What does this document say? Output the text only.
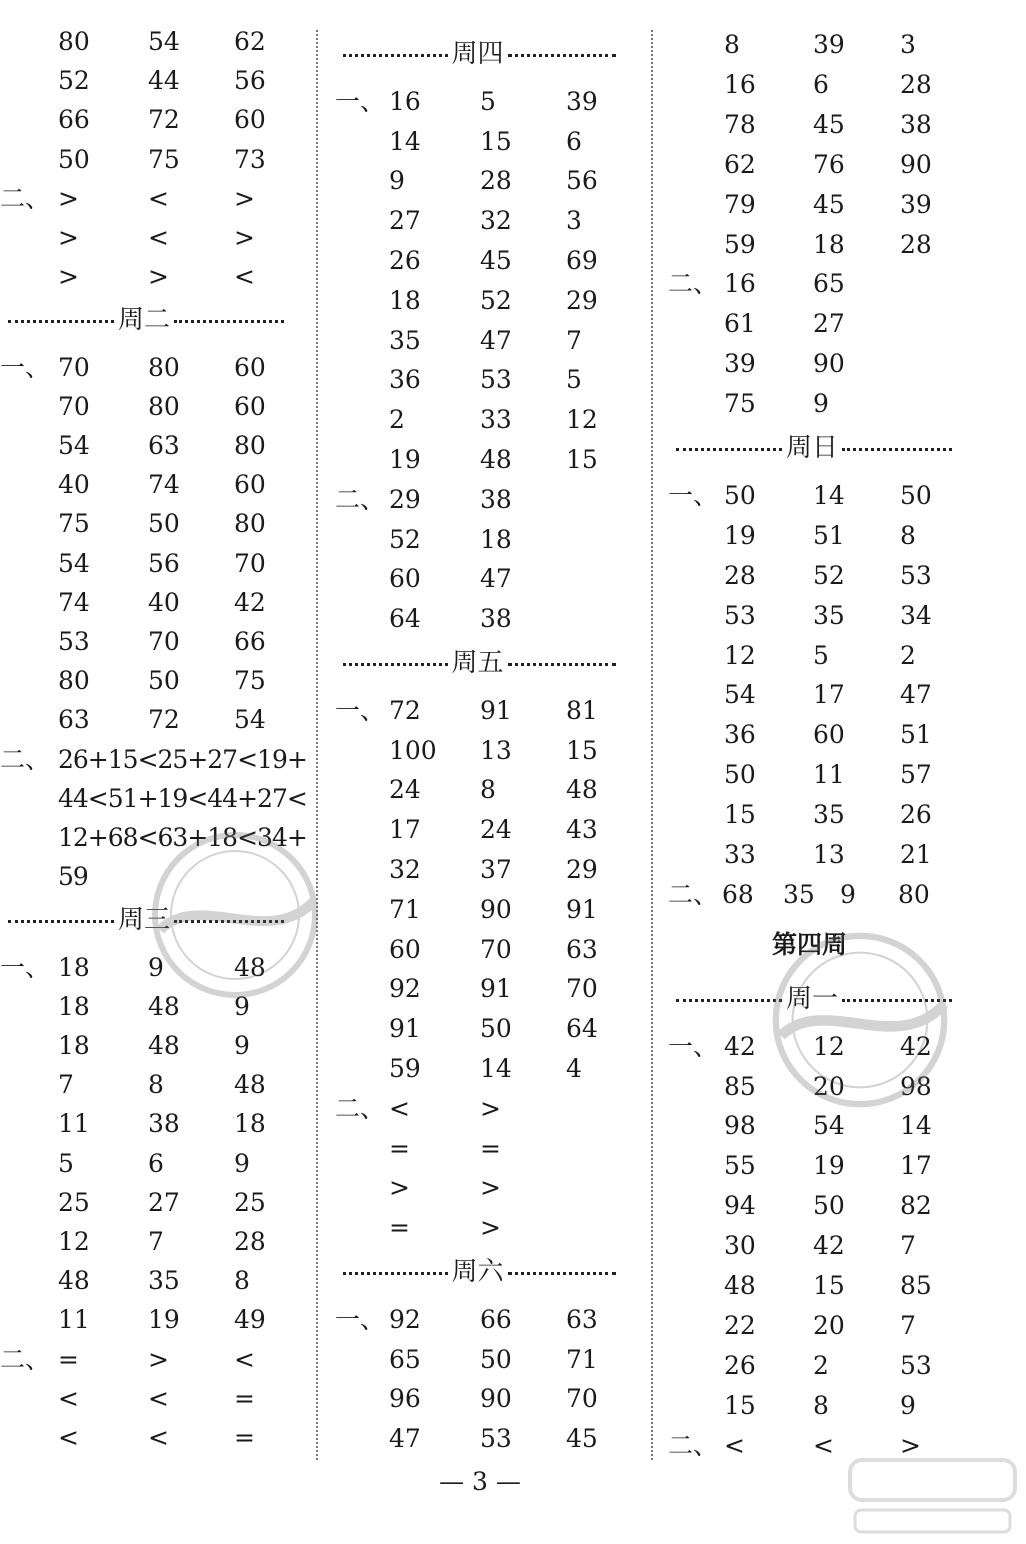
80 54 62
52 44 56
66 72 60
50 75 73
二、 >	<	>
>	<	>
>	>	<
周二
一、 70 80 60
70 80 60
54 63 80
40 74 60
75 50 80
54 56 70
74 40 42
53 70 66
80 50 75
63 72 54
二、 26+15<25+27<19+
44<51+19<44+27<
12+68<63+18<34+
59
周三
一、 18 9	48
18 48 9
18 48 9
7	8	48
11 38 18
5	6	9
25 27 25
12 7	28
48 35 8
11 19 49
二、 =	>	<
<	<	=
<	<	=
周四
一、 16 5	39
14 15 6
9	28 56
27 32 3
26 45 69
18 52 29
35 47 7
36 53 5
2	33 12
19 48 15
二、 29 38
52 18
60 47
64 38
周五
一、 72 91 81
100 13 15
24 8	48
17 24 43
32 37 29
71 90 91
60 70 63
92 91 70
91 50 64
59 14 4
二、 <	>
=	=
>	>
=	>
周六
一、 92 66 63
65 50 71
96 90 70
47 53 45
8	39 3
16 6	28
78 45 38
62 76 90
79 45 39
59 18 28
二、 16 65
61 27
39 90
75 9
周日
一、 50 14 50
19 51 8
28 52 53
53 35 34
12 5	2
54 17 47
36 60 51
50 11 57
15 35 26
33 13 21
二、 68 35 9 80
第四周
周一
一、 42 12 42
85 20 98
98 54 14
55 19 17
94 50 82
30 42 7
48 15 85
22 20 7
26 2	53
15 8	9
二、 <	<	>
— 3 —
